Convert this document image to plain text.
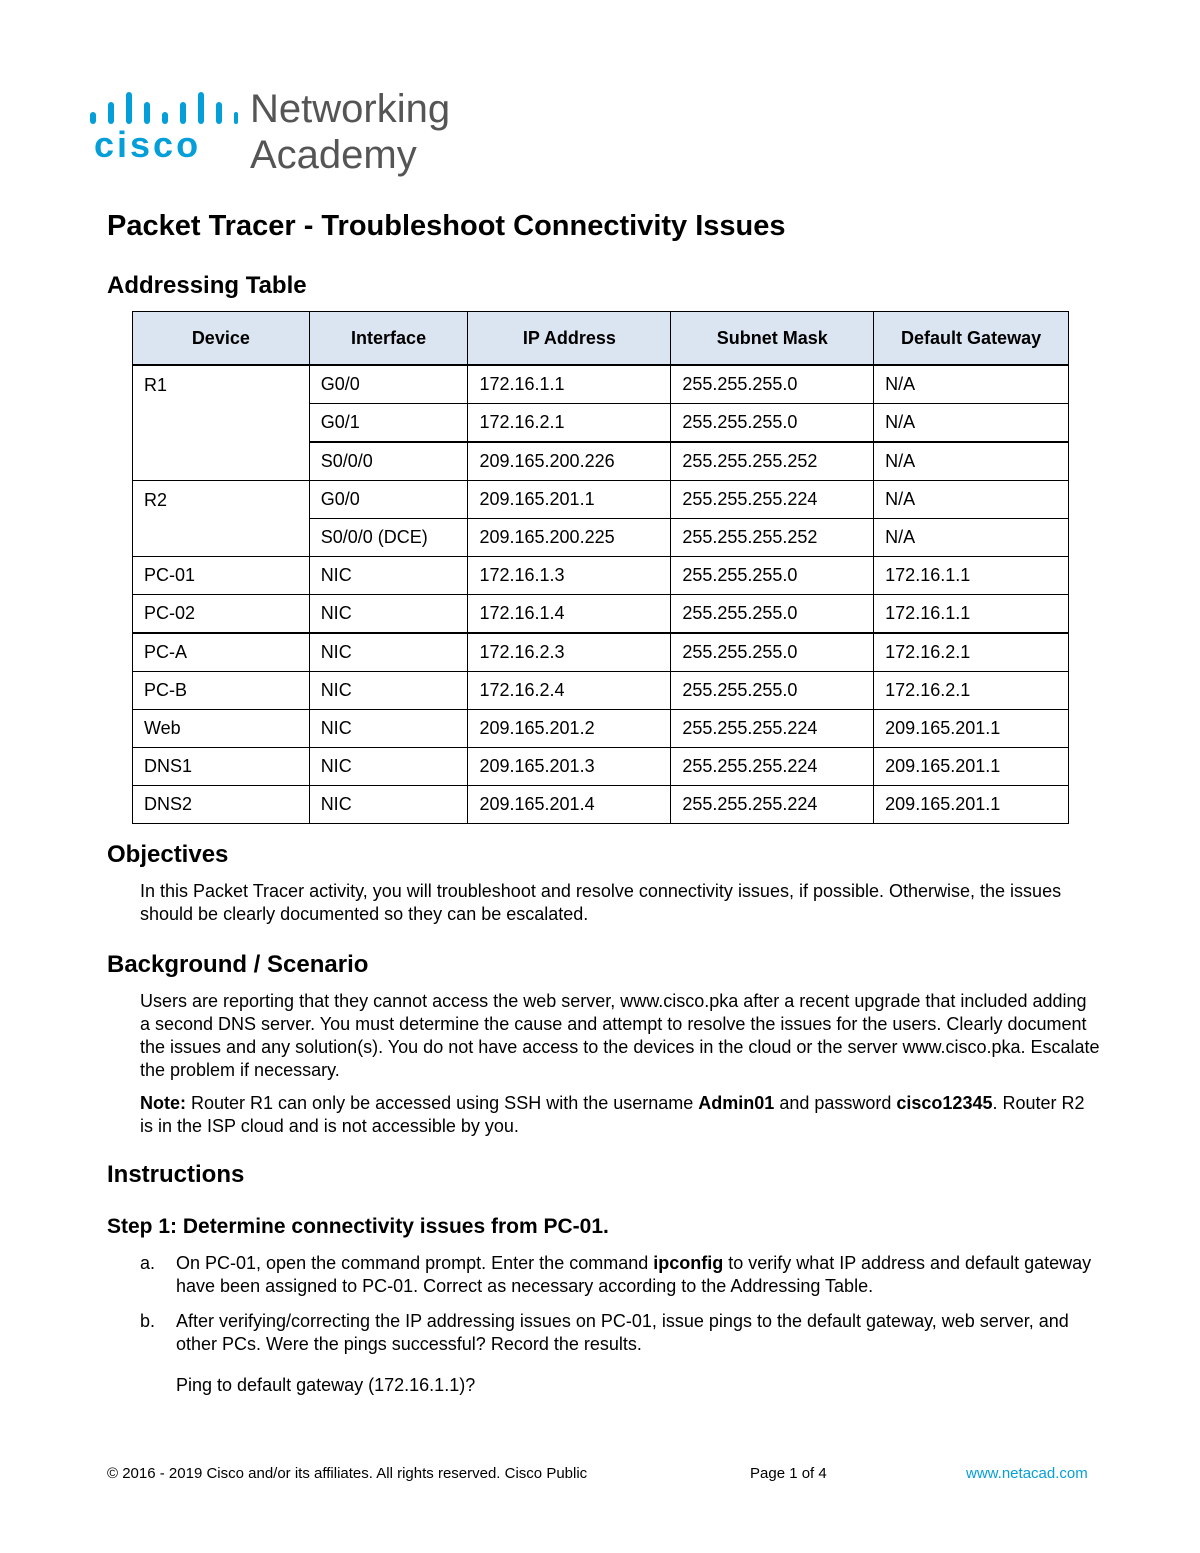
cisco
Networking
Academy
Packet Tracer - Troubleshoot Connectivity Issues
Addressing Table
Device	Interface	IP Address	Subnet Mask	Default Gateway
R1	G0/0	172.16.1.1	255.255.255.0	N/A
	G0/1	172.16.2.1	255.255.255.0	N/A
	S0/0/0	209.165.200.226	255.255.255.252	N/A
R2	G0/0	209.165.201.1	255.255.255.224	N/A
	S0/0/0 (DCE)	209.165.200.225	255.255.255.252	N/A
PC-01	NIC	172.16.1.3	255.255.255.0	172.16.1.1
PC-02	NIC	172.16.1.4	255.255.255.0	172.16.1.1
PC-A	NIC	172.16.2.3	255.255.255.0	172.16.2.1
PC-B	NIC	172.16.2.4	255.255.255.0	172.16.2.1
Web	NIC	209.165.201.2	255.255.255.224	209.165.201.1
DNS1	NIC	209.165.201.3	255.255.255.224	209.165.201.1
DNS2	NIC	209.165.201.4	255.255.255.224	209.165.201.1
Objectives

In this Packet Tracer activity, you will troubleshoot and resolve connectivity issues, if possible. Otherwise, the issues should be clearly documented so they can be escalated.

Background / Scenario

Users are reporting that they cannot access the web server, www.cisco.pka after a recent upgrade that included adding a second DNS server. You must determine the cause and attempt to resolve the issues for the users. Clearly document the issues and any solution(s). You do not have access to the devices in the cloud or the server www.cisco.pka. Escalate the problem if necessary.

Note: Router R1 can only be accessed using SSH with the username Admin01 and password cisco12345. Router R2 is in the ISP cloud and is not accessible by you.

Instructions
Step 1: Determine connectivity issues from PC-01.
a. On PC-01, open the command prompt. Enter the command ipconfig to verify what IP address and default gateway have been assigned to PC-01. Correct as necessary according to the Addressing Table.
b. After verifying/correcting the IP addressing issues on PC-01, issue pings to the default gateway, web server, and other PCs. Were the pings successful? Record the results.
Ping to default gateway (172.16.1.1)?
© 2016 - 2019 Cisco and/or its affiliates. All rights reserved. Cisco Public	Page 1 of 4	www.netacad.com
